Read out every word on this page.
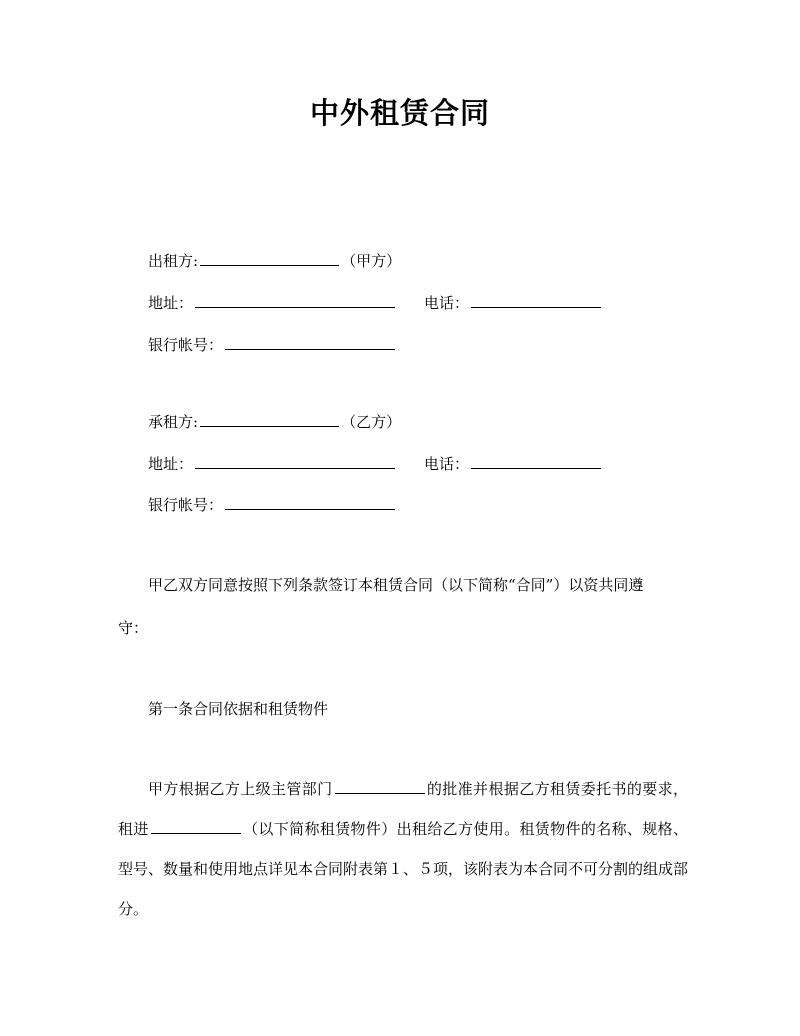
中外租赁合同
出租方:	（甲方）
地址：	电话：
银行帐号：
承租方:	（乙方）
地址：	电话：
银行帐号：
甲乙双方同意按照下列条款签订本租赁合同（以下简称“合同”）以资共同遵
守：
第一条合同依据和租赁物件
甲方根据乙方上级主管部门	的批准并根据乙方租赁委托书的要求，租进	（以下简称租赁物件）出租给乙方使用。租赁物件的名称、规格、型号、数量和使用地点详见本合同附表第１、５项，该附表为本合同不可分割的组成部分。
